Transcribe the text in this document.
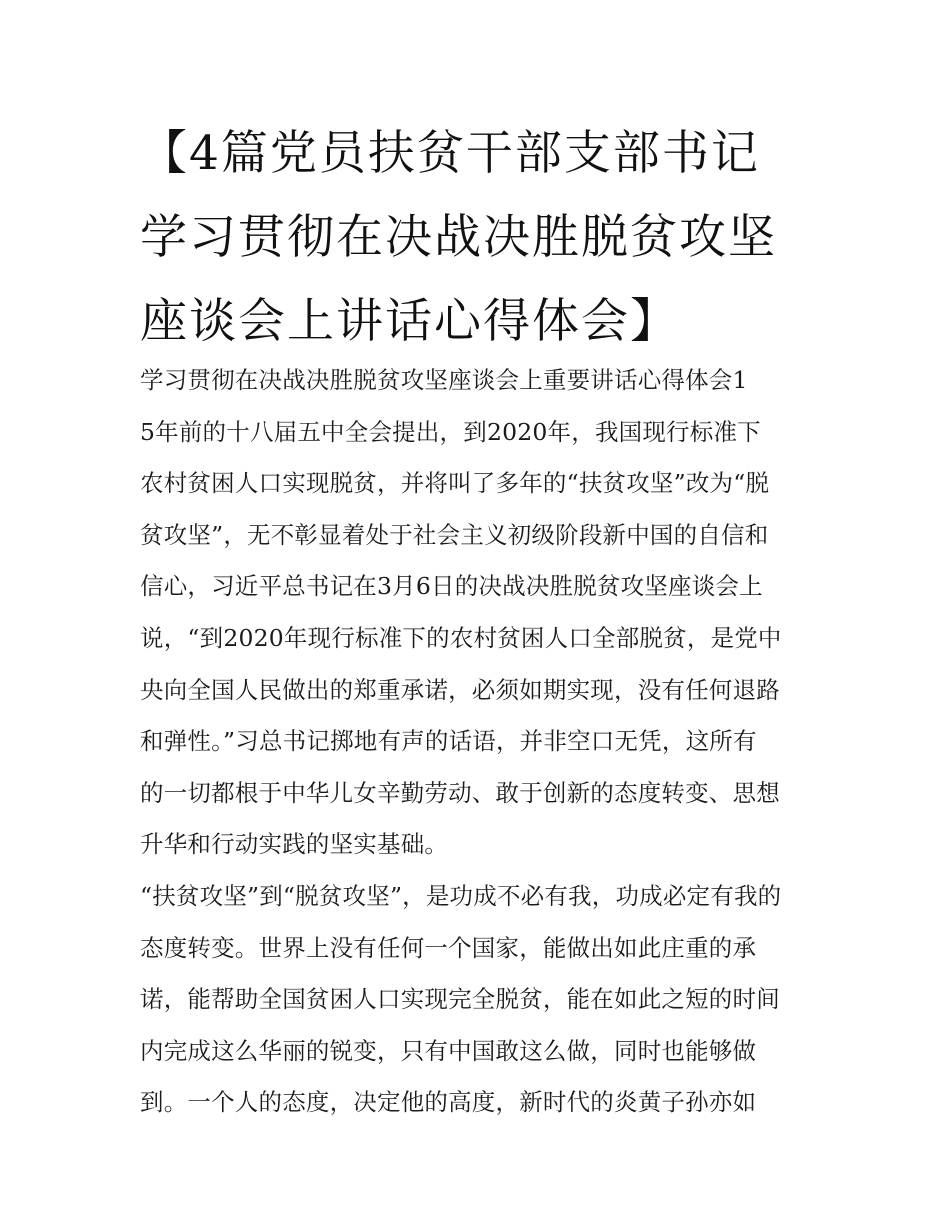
【4篇党员扶贫干部支部书记
学习贯彻在决战决胜脱贫攻坚
座谈会上讲话心得体会】
学习贯彻在决战决胜脱贫攻坚座谈会上重要讲话心得体会1
5年前的十八届五中全会提出，到2020年，我国现行标准下
农村贫困人口实现脱贫，并将叫了多年的“扶贫攻坚”改为“脱
贫攻坚”，无不彰显着处于社会主义初级阶段新中国的自信和
信心，习近平总书记在3月6日的决战决胜脱贫攻坚座谈会上
说，“到2020年现行标准下的农村贫困人口全部脱贫，是党中
央向全国人民做出的郑重承诺，必须如期实现，没有任何退路
和弹性。”习总书记掷地有声的话语，并非空口无凭，这所有
的一切都根于中华儿女辛勤劳动、敢于创新的态度转变、思想
升华和行动实践的坚实基础。
“扶贫攻坚”到“脱贫攻坚”，是功成不必有我，功成必定有我的
态度转变。世界上没有任何一个国家，能做出如此庄重的承
诺，能帮助全国贫困人口实现完全脱贫，能在如此之短的时间
内完成这么华丽的锐变，只有中国敢这么做，同时也能够做
到。一个人的态度，决定他的高度，新时代的炎黄子孙亦如
